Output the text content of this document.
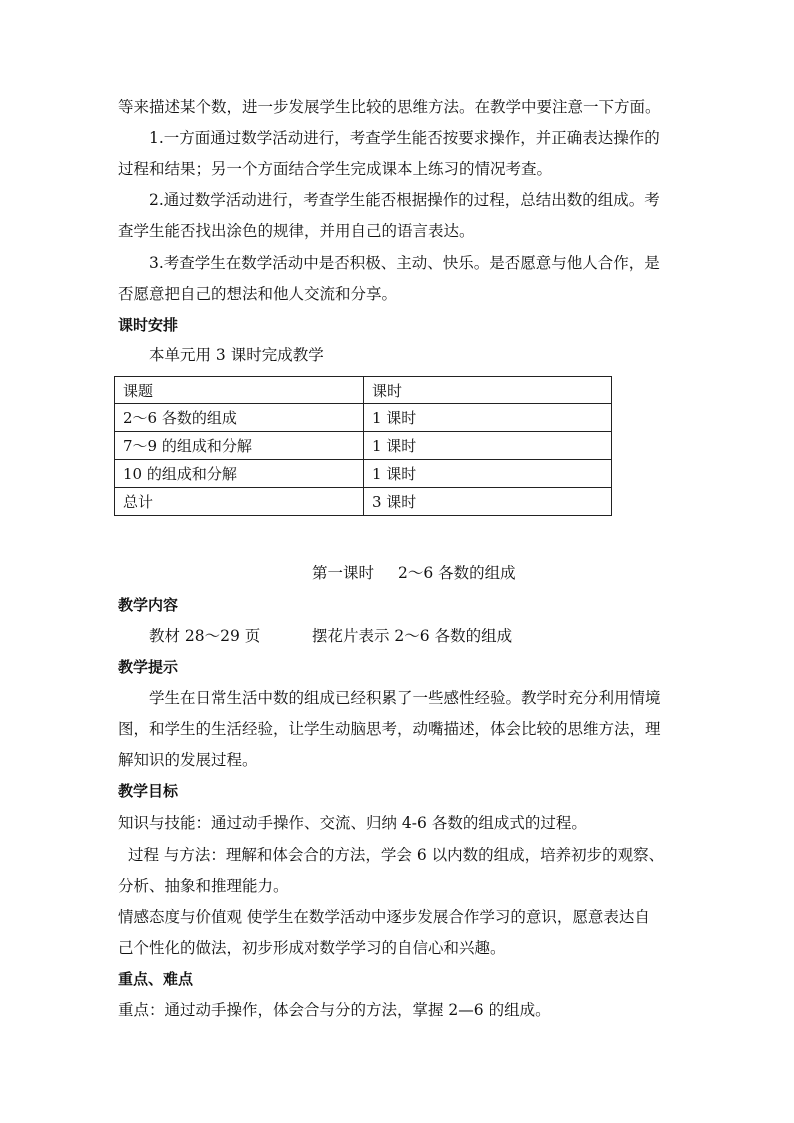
等来描述某个数，进一步发展学生比较的思维方法。在教学中要注意一下方面。
1.一方面通过数学活动进行，考查学生能否按要求操作，并正确表达操作的
过程和结果；另一个方面结合学生完成课本上练习的情况考查。
2.通过数学活动进行，考查学生能否根据操作的过程，总结出数的组成。考
查学生能否找出涂色的规律，并用自己的语言表达。
3.考查学生在数学活动中是否积极、主动、快乐。是否愿意与他人合作，是
否愿意把自己的想法和他人交流和分享。
课时安排
本单元用 3 课时完成教学
课题	课时
2～6 各数的组成	1 课时
7～9 的组成和分解	1 课时
10 的组成和分解	1 课时
总计	3 课时
第一课时 2～6 各数的组成
教学内容
教材 28～29 页	摆花片表示 2～6 各数的组成
教学提示
学生在日常生活中数的组成已经积累了一些感性经验。教学时充分利用情境
图，和学生的生活经验，让学生动脑思考，动嘴描述，体会比较的思维方法，理
解知识的发展过程。
教学目标
知识与技能：通过动手操作、交流、归纳 4-6 各数的组成式的过程。
过程 与方法：理解和体会合的方法，学会 6 以内数的组成，培养初步的观察、
分析、抽象和推理能力。
情感态度与价值观 使学生在数学活动中逐步发展合作学习的意识，愿意表达自
己个性化的做法，初步形成对数学学习的自信心和兴趣。
重点、难点
重点：通过动手操作，体会合与分的方法，掌握 2—6 的组成。
